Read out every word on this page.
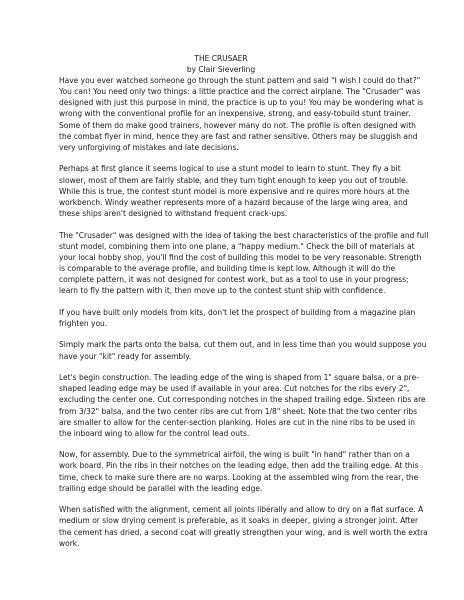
THE CRUSAER

by Clair Sieverling

Have you ever watched someone go through the stunt pattern and said "I wish I could do that?" You can! You need only two things: a little practice and the correct airplane. The "Crusader" was designed with just this purpose in mind, the practice is up to you! You may be wondering what is wrong with the conventional profile for an inexpensive, strong, and easy-tobuild stunt trainer. Some of them do make good trainers, however many do not. The profile is often designed with the combat flyer in mind, hence they are fast and rather sensitive. Others may be sluggish and very unforgiving of mistakes and late decisions.

Perhaps at first glance it seems logical to use a stunt model to learn to stunt. They fly a bit slower, most of them are fairly stable, and they turn tight enough to keep you out of trouble. While this is true, the contest stunt model is more expensive and re quires more hours at the workbench. Windy weather represents more of a hazard because of the large wing area, and these ships aren't designed to withstand frequent crack-ups.

The "Crusader" was designed with the idea of taking the best characteristics of the profile and full stunt model, combining them into one plane, a "happy medium." Check the bill of materials at your local hobby shop, you'll find the cost of building this model to be very reasonable. Strength is comparable to the average profile, and building time is kept low. Although it will do the complete pattern, it was not designed for contest work, but as a tool to use in your progress; learn to fly the pattern with it, then move up to the contest stunt ship with confidence.

If you have built only models from kits, don't let the prospect of building from a magazine plan frighten you.

Simply mark the parts onto the balsa, cut them out, and in less time than you would suppose you have your "kit" ready for assembly.

Let's begin construction. The leading edge of the wing is shaped from 1" square balsa, or a pre-shaped leading edge may be used if available in your area. Cut notches for the ribs every 2", excluding the center one. Cut corresponding notches in the shaped trailing edge. Sixteen ribs are from 3/32" balsa, and the two center ribs are cut from 1/8" sheet. Note that the two center ribs are smaller to allow for the center-section planking. Holes are cut in the nine ribs to be used in the inboard wing to allow for the control lead outs.

Now, for assembly. Due to the symmetrical airfoil, the wing is built "in hand" rather than on a work board. Pin the ribs in their notches on the leading edge, then add the trailing edge. At this time, check to make sure there are no warps. Looking at the assembled wing from the rear, the trailing edge should be parallel with the leading edge.

When satisfied with the alignment, cement all joints liberally and allow to dry on a flat surface. A medium or slow drying cement is preferable, as it soaks in deeper, giving a stronger joint. After the cement has dried, a second coat will greatly strengthen your wing, and is well worth the extra work.
